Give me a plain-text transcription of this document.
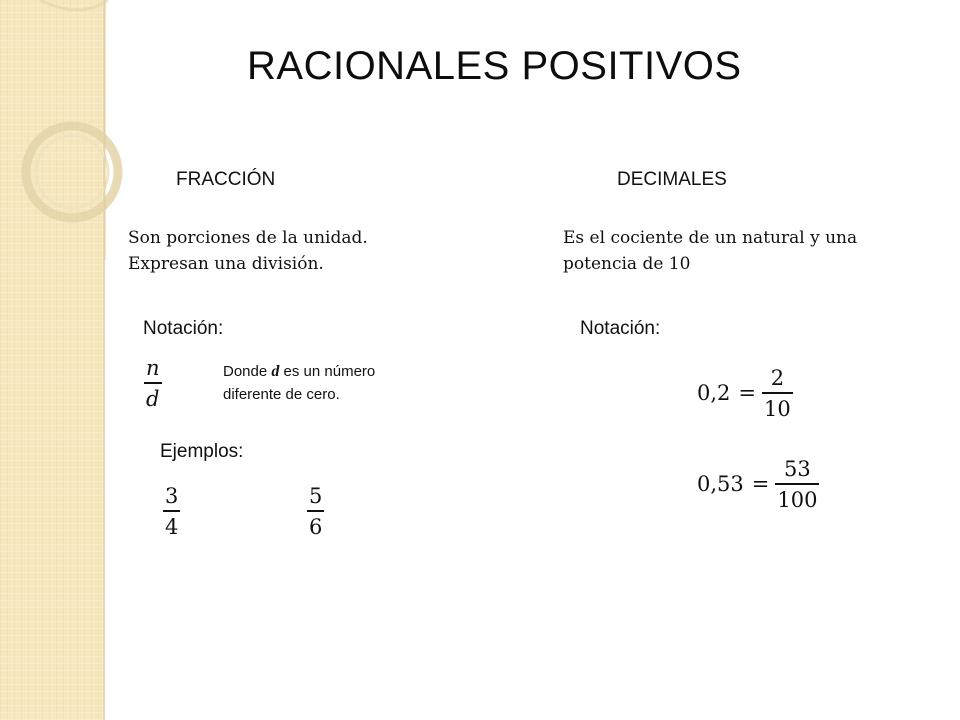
RACIONALES POSITIVOS
FRACCIÓN
Son porciones de la unidad.
Expresan una división.
Notación:
n
d
Donde d es un número
diferente de cero.
Ejemplos:
3
4
5
6
DECIMALES
Es el cociente de un natural y una
potencia de 10
Notación:
$0,2 = \frac{2}{10}$
$0,53 = \frac{53}{100}$
